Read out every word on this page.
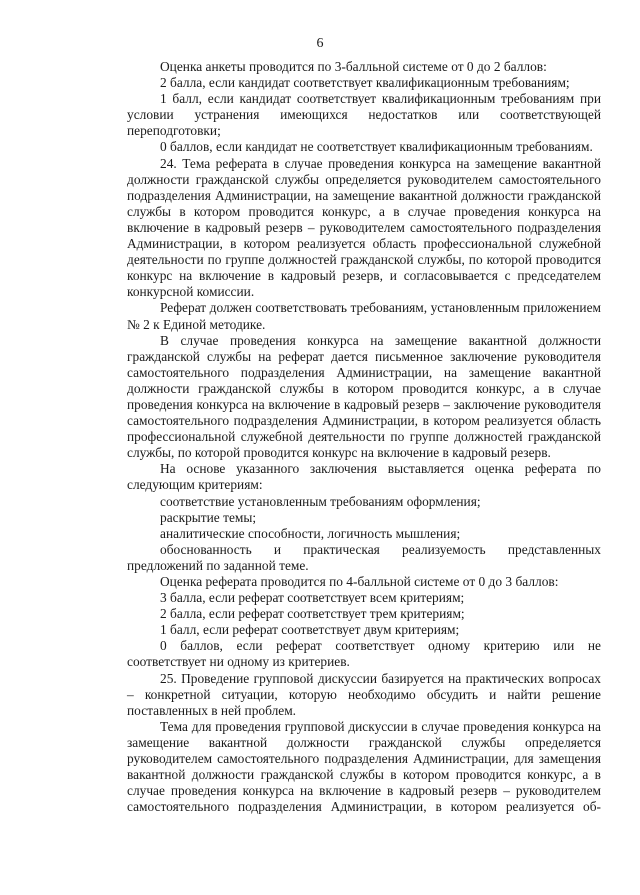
6

Оценка анкеты проводится по 3-балльной системе от 0 до 2 баллов:

2 балла, если кандидат соответствует квалификационным требованиям;

1 балл, если кандидат соответствует квалификационным требованиям при условии устранения имеющихся недостатков или соответствующей переподготовки;

0 баллов, если кандидат не соответствует квалификационным требованиям.

24. Тема реферата в случае проведения конкурса на замещение вакантной должности гражданской службы определяется руководителем самостоятельного подразделения Администрации, на замещение вакантной должности гражданской службы в котором проводится конкурс, а в случае проведения конкурса на включение в кадровый резерв – руководителем самостоятельного подразделения Администрации, в котором реализуется область профессиональной служебной деятельности по группе должностей гражданской службы, по которой проводится конкурс на включение в кадровый резерв, и согласовывается с председателем конкурсной комиссии.

Реферат должен соответствовать требованиям, установленным приложением № 2 к Единой методике.

В случае проведения конкурса на замещение вакантной должности гражданской службы на реферат дается письменное заключение руководителя самостоятельного подразделения Администрации, на замещение вакантной должности гражданской службы в котором проводится конкурс, а в случае проведения конкурса на включение в кадровый резерв – заключение руководителя самостоятельного подразделения Администрации, в котором реализуется область профессиональной служебной деятельности по группе должностей гражданской службы, по которой проводится конкурс на включение в кадровый резерв.

На основе указанного заключения выставляется оценка реферата по следующим критериям:

соответствие установленным требованиям оформления;

раскрытие темы;

аналитические способности, логичность мышления;

обоснованность и практическая реализуемость представленных предложений по заданной теме.

Оценка реферата проводится по 4-балльной системе от 0 до 3 баллов:

3 балла, если реферат соответствует всем критериям;

2 балла, если реферат соответствует трем критериям;

1 балл, если реферат соответствует двум критериям;

0 баллов, если реферат соответствует одному критерию или не соответствует ни одному из критериев.

25. Проведение групповой дискуссии базируется на практических вопросах – конкретной ситуации, которую необходимо обсудить и найти решение поставленных в ней проблем.

Тема для проведения групповой дискуссии в случае проведения конкурса на замещение вакантной должности гражданской службы определяется руководителем самостоятельного подразделения Администрации, для замещения вакантной должности гражданской службы в котором проводится конкурс, а в случае проведения конкурса на включение в кадровый резерв – руководителем самостоятельного подразделения Администрации, в котором реализуется об-
